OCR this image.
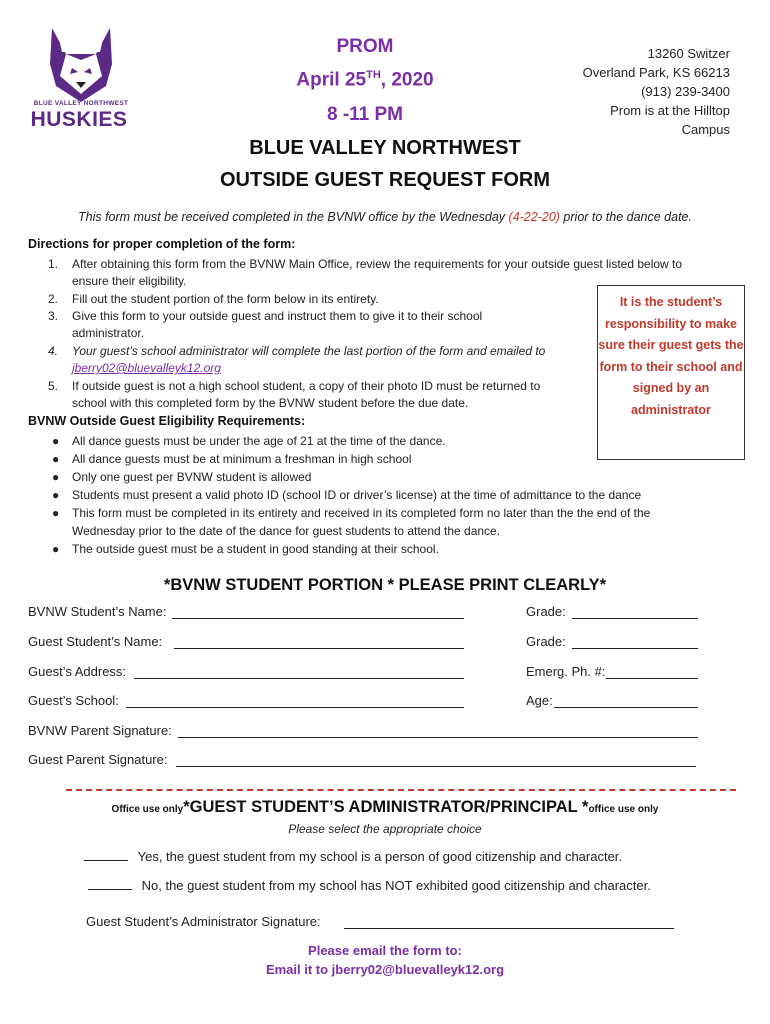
BLUE VALLEY NORTHWEST
HUSKIES
PROM
April 25TH, 2020
8 -11 PM
13260 Switzer
Overland Park, KS 66213
(913) 239-3400
Prom is at the Hilltop
Campus
BLUE VALLEY NORTHWEST
OUTSIDE GUEST REQUEST FORM
This form must be received completed in the BVNW office by the Wednesday (4-22-20) prior to the dance date.
Directions for proper completion of the form:
1.	After obtaining this form from the BVNW Main Office, review the requirements for your outside guest listed below to
ensure their eligibility.
2.	Fill out the student portion of the form below in its entirety.
3.	Give this form to your outside guest and instruct them to give it to their school
administrator.
4.	Your guest’s school administrator will complete the last portion of the form and emailed to
jberry02@bluevalleyk12.org
5.	If outside guest is not a high school student, a copy of their photo ID must be returned to
school with this completed form by the BVNW student before the due date.
It is the student’s responsibility to make sure their guest gets the form to their school and signed by an administrator
BVNW Outside Guest Eligibility Requirements:
● All dance guests must be under the age of 21 at the time of the dance.
● All dance guests must be at minimum a freshman in high school
● Only one guest per BVNW student is allowed
● Students must present a valid photo ID (school ID or driver’s license) at the time of admittance to the dance
● This form must be completed in its entirety and received in its completed form no later than the the end of the
Wednesday prior to the date of the dance for guest students to attend the dance.
● The outside guest must be a student in good standing at their school.
*BVNW STUDENT PORTION * PLEASE PRINT CLEARLY*
BVNW Student’s Name:	Grade:
Guest Student’s Name:	Grade:
Guest’s Address:	Emerg. Ph. #:
Guest’s School:	Age:
BVNW Parent Signature:
Guest Parent Signature:
Office use only*GUEST STUDENT’S ADMINISTRATOR/PRINCIPAL *office use only
Please select the appropriate choice
Yes, the guest student from my school is a person of good citizenship and character.
No, the guest student from my school has NOT exhibited good citizenship and character.
Guest Student’s Administrator Signature:
Please email the form to:
Email it to jberry02@bluevalleyk12.org
